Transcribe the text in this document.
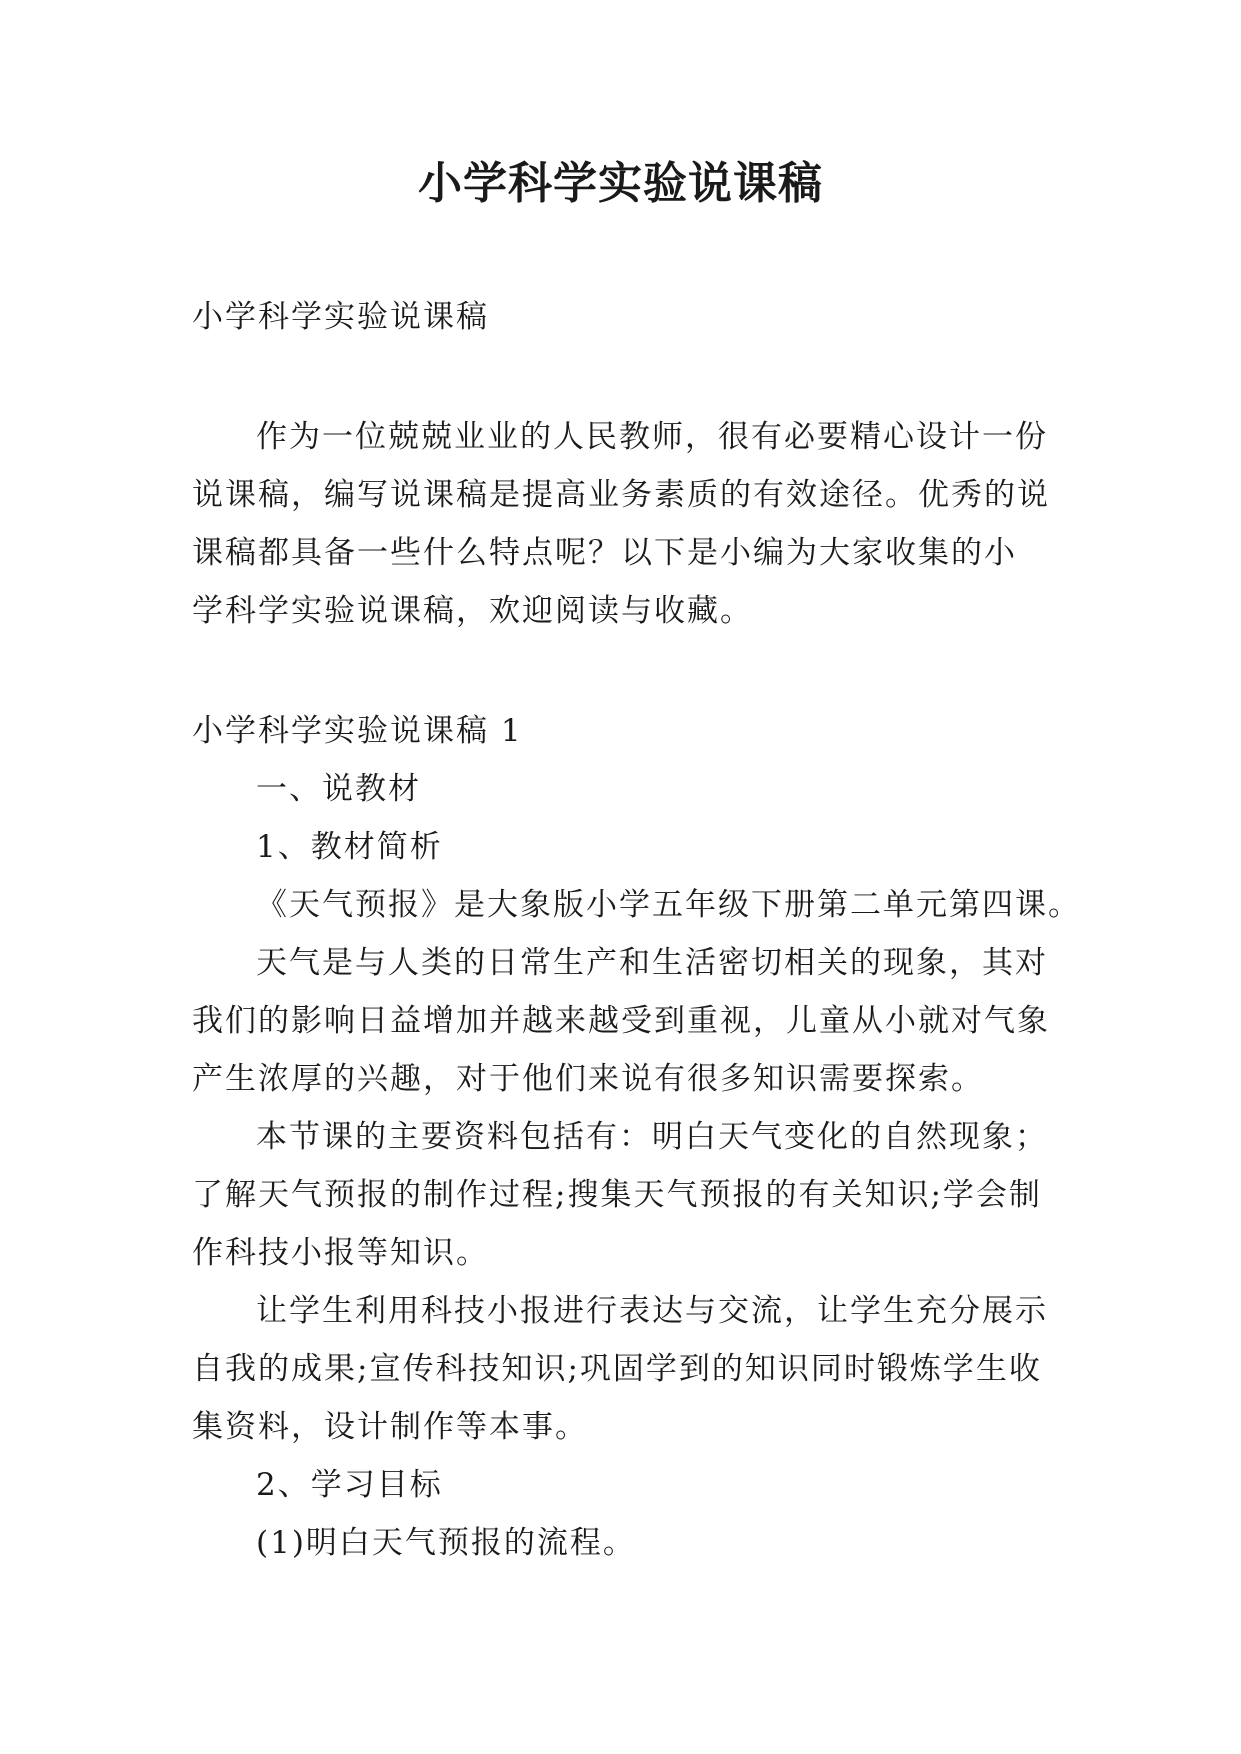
小学科学实验说课稿
小学科学实验说课稿
作为一位兢兢业业的人民教师，很有必要精心设计一份
说课稿，编写说课稿是提高业务素质的有效途径。优秀的说
课稿都具备一些什么特点呢？以下是小编为大家收集的小
学科学实验说课稿，欢迎阅读与收藏。
小学科学实验说课稿 1
一、说教材
1、教材简析
《天气预报》是大象版小学五年级下册第二单元第四课。
天气是与人类的日常生产和生活密切相关的现象，其对
我们的影响日益增加并越来越受到重视，儿童从小就对气象
产生浓厚的兴趣，对于他们来说有很多知识需要探索。
本节课的主要资料包括有：明白天气变化的自然现象；
了解天气预报的制作过程;搜集天气预报的有关知识;学会制
作科技小报等知识。
让学生利用科技小报进行表达与交流，让学生充分展示
自我的成果;宣传科技知识;巩固学到的知识同时锻炼学生收
集资料，设计制作等本事。
2、学习目标
(1)明白天气预报的流程。
